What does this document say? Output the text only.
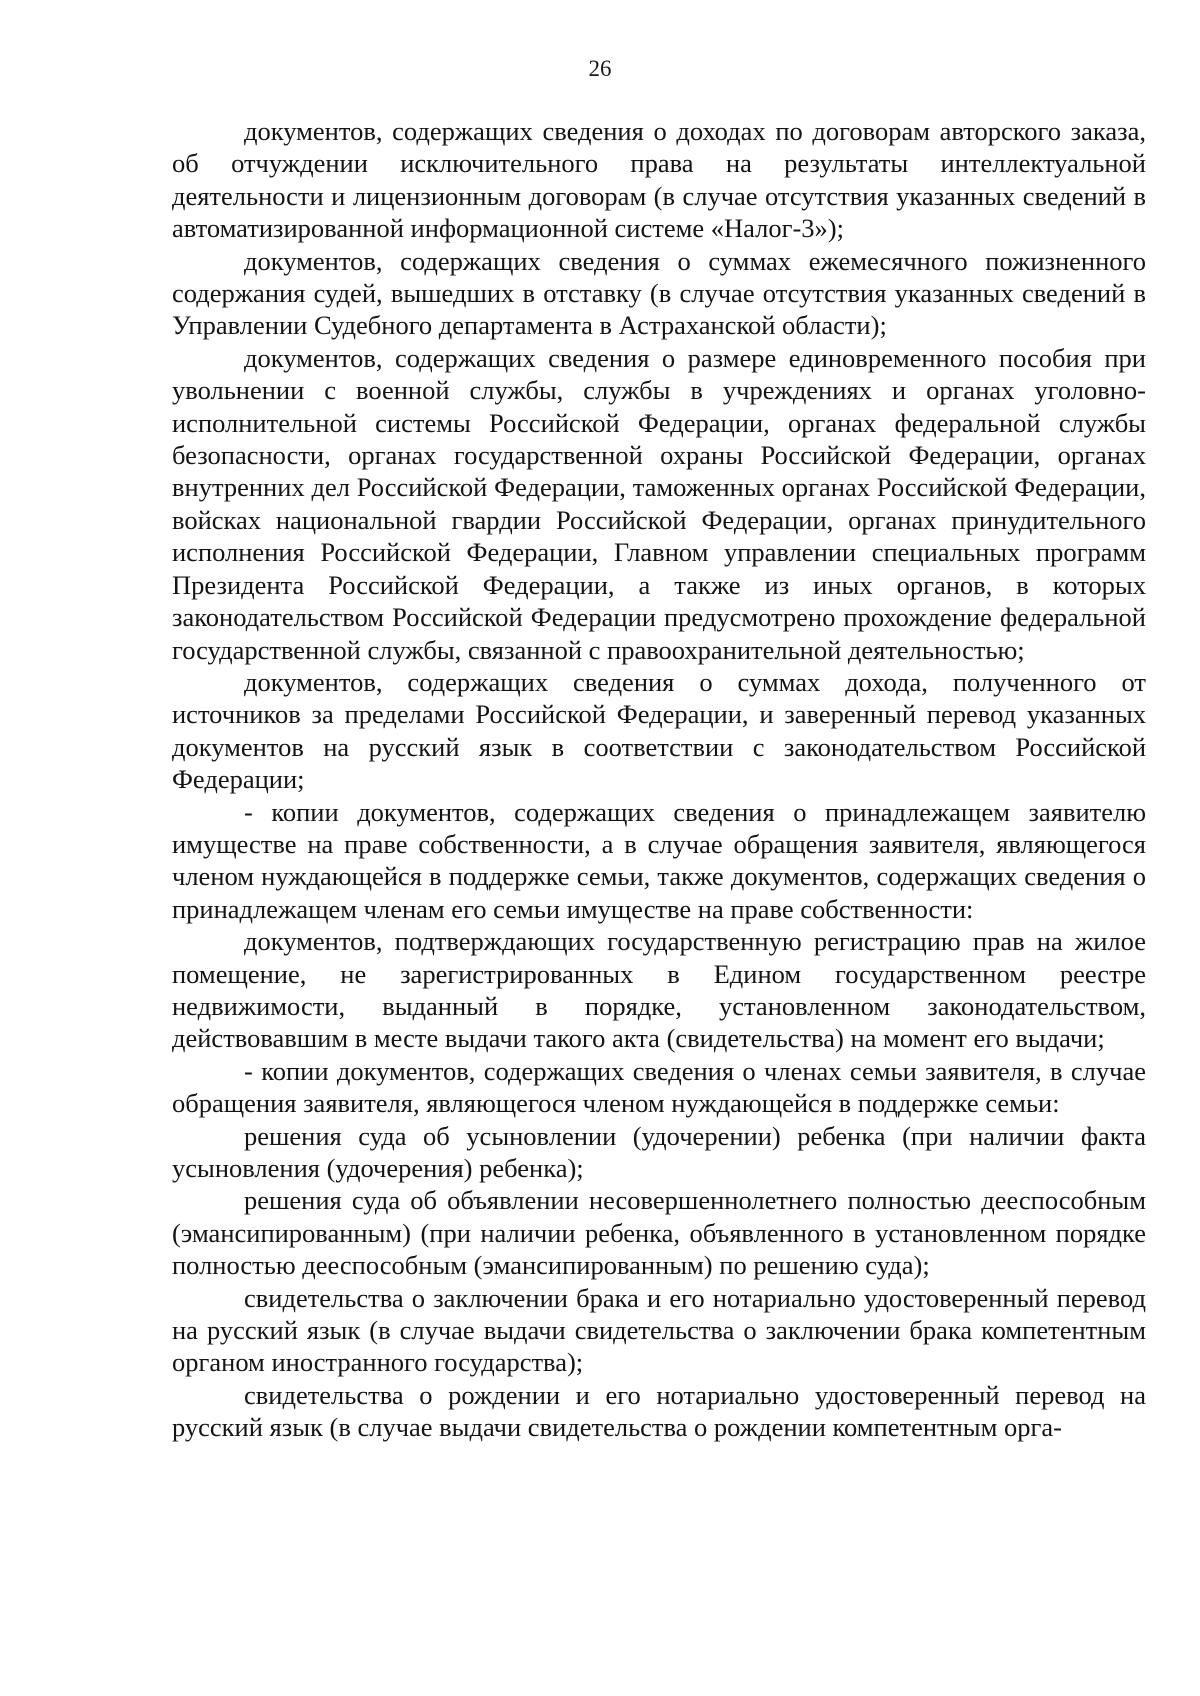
26

документов, содержащих сведения о доходах по договорам авторского заказа, об отчуждении исключительного права на результаты интеллектуальной деятельности и лицензионным договорам (в случае отсутствия указанных сведений в автоматизированной информационной системе «Налог-3»);

документов, содержащих сведения о суммах ежемесячного пожизненного содержания судей, вышедших в отставку (в случае отсутствия указанных сведений в Управлении Судебного департамента в Астраханской области);

документов, содержащих сведения о размере единовременного пособия при увольнении с военной службы, службы в учреждениях и органах уголовно-исполнительной системы Российской Федерации, органах федеральной службы безопасности, органах государственной охраны Российской Федерации, органах внутренних дел Российской Федерации, таможенных органах Российской Федерации, войсках национальной гвардии Российской Федерации, органах принудительного исполнения Российской Федерации, Главном управлении специальных программ Президента Российской Федерации, а также из иных органов, в которых законодательством Российской Федерации предусмотрено прохождение федеральной государственной службы, связанной с правоохранительной деятельностью;

документов, содержащих сведения о суммах дохода, полученного от источников за пределами Российской Федерации, и заверенный перевод указанных документов на русский язык в соответствии с законодательством Российской Федерации;

- копии документов, содержащих сведения о принадлежащем заявителю имуществе на праве собственности, а в случае обращения заявителя, являющегося членом нуждающейся в поддержке семьи, также документов, содержащих сведения о принадлежащем членам его семьи имуществе на праве собственности:

документов, подтверждающих государственную регистрацию прав на жилое помещение, не зарегистрированных в Едином государственном реестре недвижимости, выданный в порядке, установленном законодательством, действовавшим в месте выдачи такого акта (свидетельства) на момент его выдачи;

- копии документов, содержащих сведения о членах семьи заявителя, в случае обращения заявителя, являющегося членом нуждающейся в поддержке семьи:

решения суда об усыновлении (удочерении) ребенка (при наличии факта усыновления (удочерения) ребенка);

решения суда об объявлении несовершеннолетнего полностью дееспособным (эмансипированным) (при наличии ребенка, объявленного в установленном порядке полностью дееспособным (эмансипированным) по решению суда);

свидетельства о заключении брака и его нотариально удостоверенный перевод на русский язык (в случае выдачи свидетельства о заключении брака компетентным органом иностранного государства);

свидетельства о рождении и его нотариально удостоверенный перевод на русский язык (в случае выдачи свидетельства о рождении компетентным орга-
